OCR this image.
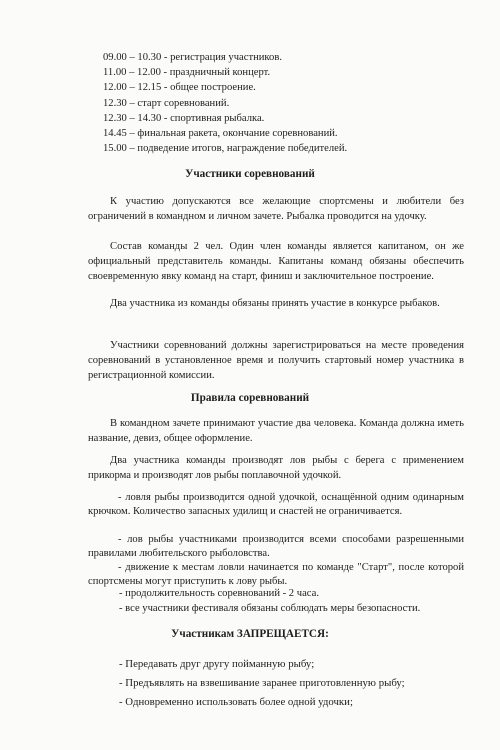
09.00 – 10.30 - регистрация участников.
11.00 – 12.00 - праздничный концерт.
12.00 – 12.15 - общее построение.
12.30 – старт соревнований.
12.30 – 14.30 - спортивная рыбалка.
14.45 – финальная ракета, окончание соревнований.
15.00 – подведение итогов, награждение победителей.
Участники соревнований
К участию допускаются все желающие спортсмены и любители без ограничений в командном и личном зачете. Рыбалка проводится на удочку.
Состав команды 2 чел. Один член команды является капитаном, он же официальный представитель команды. Капитаны команд обязаны обеспечить своевременную явку команд на старт, финиш и заключительное построение.
Два участника из команды обязаны принять участие в конкурсе рыбаков.
Участники соревнований должны зарегистрироваться на месте проведения соревнований в установленное время и получить стартовый номер участника в регистрационной комиссии.
Правила соревнований
В командном зачете принимают участие два человека. Команда должна иметь название, девиз, общее оформление.
Два участника команды производят лов рыбы с берега с применением прикорма и производят лов рыбы поплавочной удочкой.
- ловля рыбы производится одной удочкой, оснащённой одним одинарным крючком. Количество запасных удилищ и снастей не ограничивается.
- лов рыбы участниками производится всеми способами разрешенными правилами любительского рыболовства.
- движение к местам ловли начинается по команде "Старт", после которой спортсмены могут приступить к лову рыбы.
- продолжительность соревнований - 2 часа.
- все участники фестиваля обязаны соблюдать меры безопасности.
Участникам ЗАПРЕЩАЕТСЯ:
- Передавать друг другу пойманную рыбу;
- Предъявлять на взвешивание заранее приготовленную рыбу;
- Одновременно использовать более одной удочки;
